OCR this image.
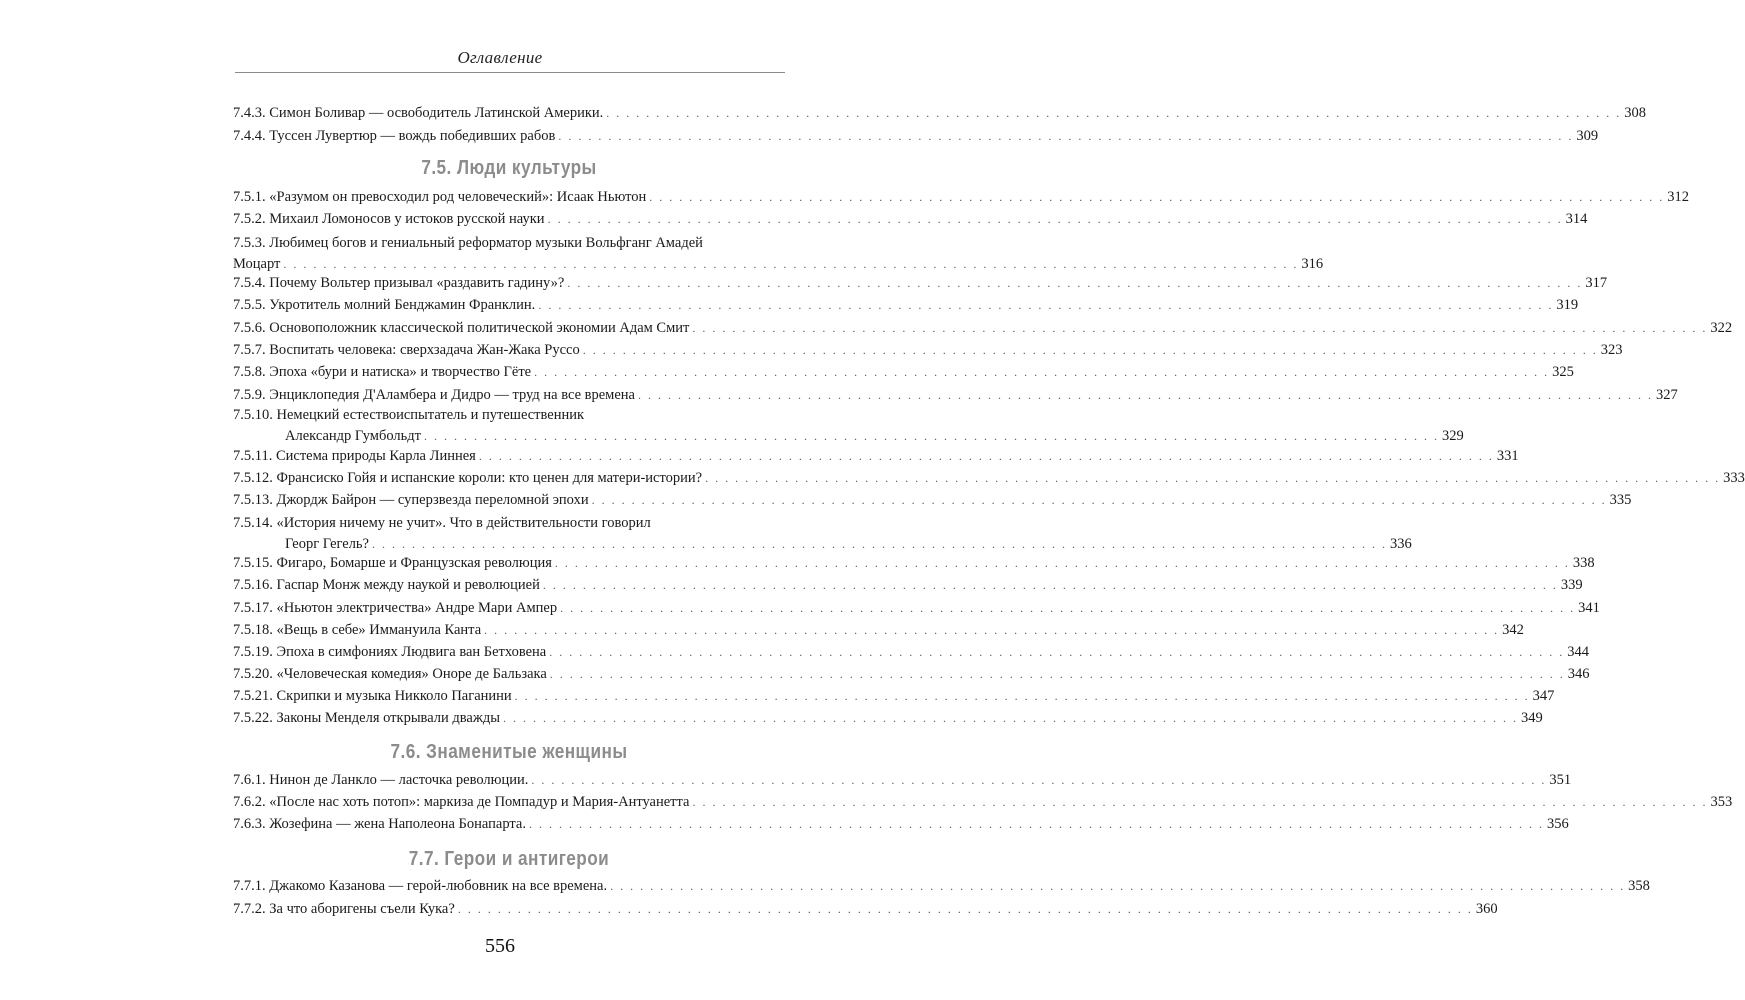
Оглавление
7.4.3. Симон Боливар — освободитель Латинской Америки. . . .	308
7.4.4. Туссен Лувертюр — вождь победивших рабов . . .	309
7.5. Люди культуры
7.5.1. «Разумом он превосходил род человеческий»: Исаак Ньютон . . .	312
7.5.2. Михаил Ломоносов у истоков русской науки . . .	314
7.5.3. Любимец богов и гениальный реформатор музыки Вольфганг Амадей
Моцарт . . .	316
7.5.4. Почему Вольтер призывал «раздавить гадину»? . . .	317
7.5.5. Укротитель молний Бенджамин Франклин. . . .	319
7.5.6. Основоположник классической политической экономии Адам Смит . . .	322
7.5.7. Воспитать человека: сверхзадача Жан-Жака Руссо . . .	323
7.5.8. Эпоха «бури и натиска» и творчество Гёте . . .	325
7.5.9. Энциклопедия Д'Аламбера и Дидро — труд на все времена . . .	327
7.5.10. Немецкий естествоиспытатель и путешественник
Александр Гумбольдт . . .	329
7.5.11. Система природы Карла Линнея . . .	331
7.5.12. Франсиско Гойя и испанские короли: кто ценен для матери-истории? . . .	333
7.5.13. Джордж Байрон — суперзвезда переломной эпохи . . .	335
7.5.14. «История ничему не учит». Что в действительности говорил
Георг Гегель? . . .	336
7.5.15. Фигаро, Бомарше и Французская революция . . .	338
7.5.16. Гаспар Монж между наукой и революцией . . .	339
7.5.17. «Ньютон электричества» Андре Мари Ампер . . .	341
7.5.18. «Вещь в себе» Иммануила Канта . . .	342
7.5.19. Эпоха в симфониях Людвига ван Бетховена . . .	344
7.5.20. «Человеческая комедия» Оноре де Бальзака . . .	346
7.5.21. Скрипки и музыка Никколо Паганини . . .	347
7.5.22. Законы Менделя открывали дважды . . .	349
7.6. Знаменитые женщины
7.6.1. Нинон де Ланкло — ласточка революции. . . .	351
7.6.2. «После нас хоть потоп»: маркиза де Помпадур и Мария-Антуанетта . . .	353
7.6.3. Жозефина — жена Наполеона Бонапарта. . . .	356
7.7. Герои и антигерои
7.7.1. Джакомо Казанова — герой-любовник на все времена. . . .	358
7.7.2. За что аборигены съели Кука? . . .	360
556
